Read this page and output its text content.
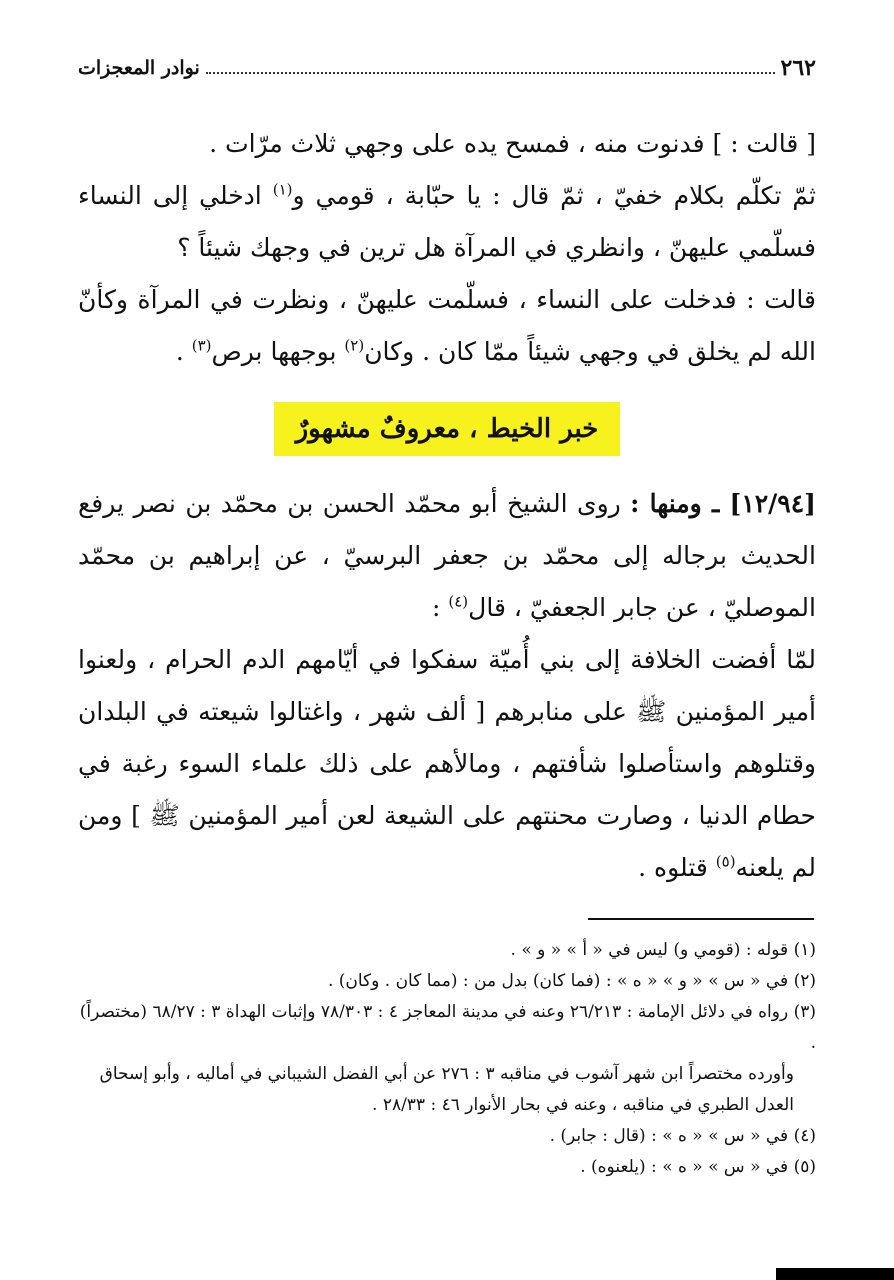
٢٦٢
نوادر المعجزات

[ قالت : ] فدنوت منه ، فمسح يده على وجهي ثلاث مرّات .

ثمّ تكلّم بكلام خفيّ ، ثمّ قال : يا حبّابة ، قومي و$^{(١)}$ ادخلي إلى النساء فسلّمي عليهنّ ، وانظري في المرآة هل ترين في وجهك شيئاً ؟

قالت : فدخلت على النساء ، فسلّمت عليهنّ ، ونظرت في المرآة وكأنّ الله لم يخلق في وجهي شيئاً ممّا كان . وكان$^{(٢)}$ بوجهها برص$^{(٣)}$ .

خبر الخيط ، معروفٌ مشهورٌ

[١٢/٩٤] ـ ومنها : روى الشيخ أبو محمّد الحسن بن محمّد بن نصر يرفع الحديث برجاله إلى محمّد بن جعفر البرسيّ ، عن إبراهيم بن محمّد الموصليّ ، عن جابر الجعفيّ ، قال$^{(٤)}$ :

لمّا أفضت الخلافة إلى بني أُميّة سفكوا في أيّامهم الدم الحرام ، ولعنوا أمير المؤمنين ﷺ على منابرهم [ ألف شهر ، واغتالوا شيعته في البلدان وقتلوهم واستأصلوا شأفتهم ، ومالأهم على ذلك علماء السوء رغبة في حطام الدنيا ، وصارت محنتهم على الشيعة لعن أمير المؤمنين ﷺ ] ومن لم يلعنه$^{(٥)}$ قتلوه .

(١) قوله : (قومي و) ليس في « أ » « و » .

(٢) في « س » « و » « ه » : (فما كان) بدل من : (مما كان . وكان) .

(٣) رواه في دلائل الإمامة : ٢٦/٢١٣ وعنه في مدينة المعاجز ٤ : ٧٨/٣٠٣ وإثبات الهداة ٣ : ٦٨/٢٧ (مختصراً) .

وأورده مختصراً ابن شهر آشوب في مناقبه ٣ : ٢٧٦ عن أبي الفضل الشيباني في أماليه ، وأبو إسحاق العدل الطبري في مناقبه ، وعنه في بحار الأنوار ٤٦ : ٢٨/٣٣ .

(٤) في « س » « ه » : (قال : جابر) .

(٥) في « س » « ه » : (يلعنوه) .
